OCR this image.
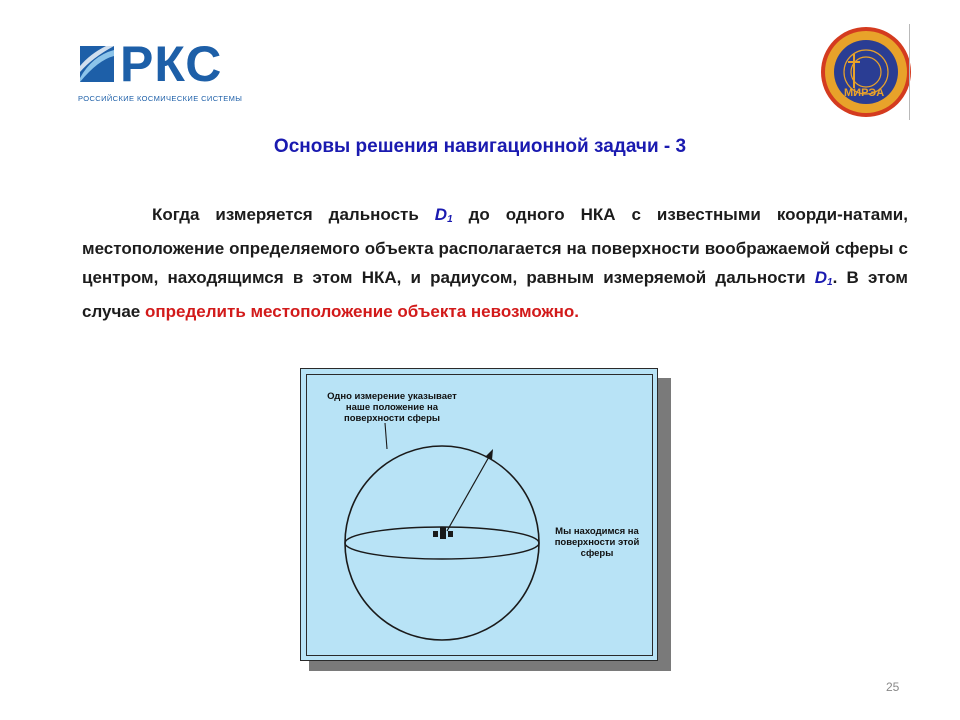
РКС
РОССИЙСКИЕ КОСМИЧЕСКИЕ СИСТЕМЫ	МИРЭА
Основы решения навигационной задачи - 3
Когда измеряется дальность $D_1$ до одного НКА с известными коорди-натами, местоположение определяемого объекта располагается на поверхности воображаемой сферы с центром, находящимся в этом НКА, и радиусом, равным измеряемой дальности $D_1$. В этом случае определить местоположение объекта невозможно.
Одно измерение указывает наше положение на поверхности сферы
Мы находимся на поверхности этой сферы
25
